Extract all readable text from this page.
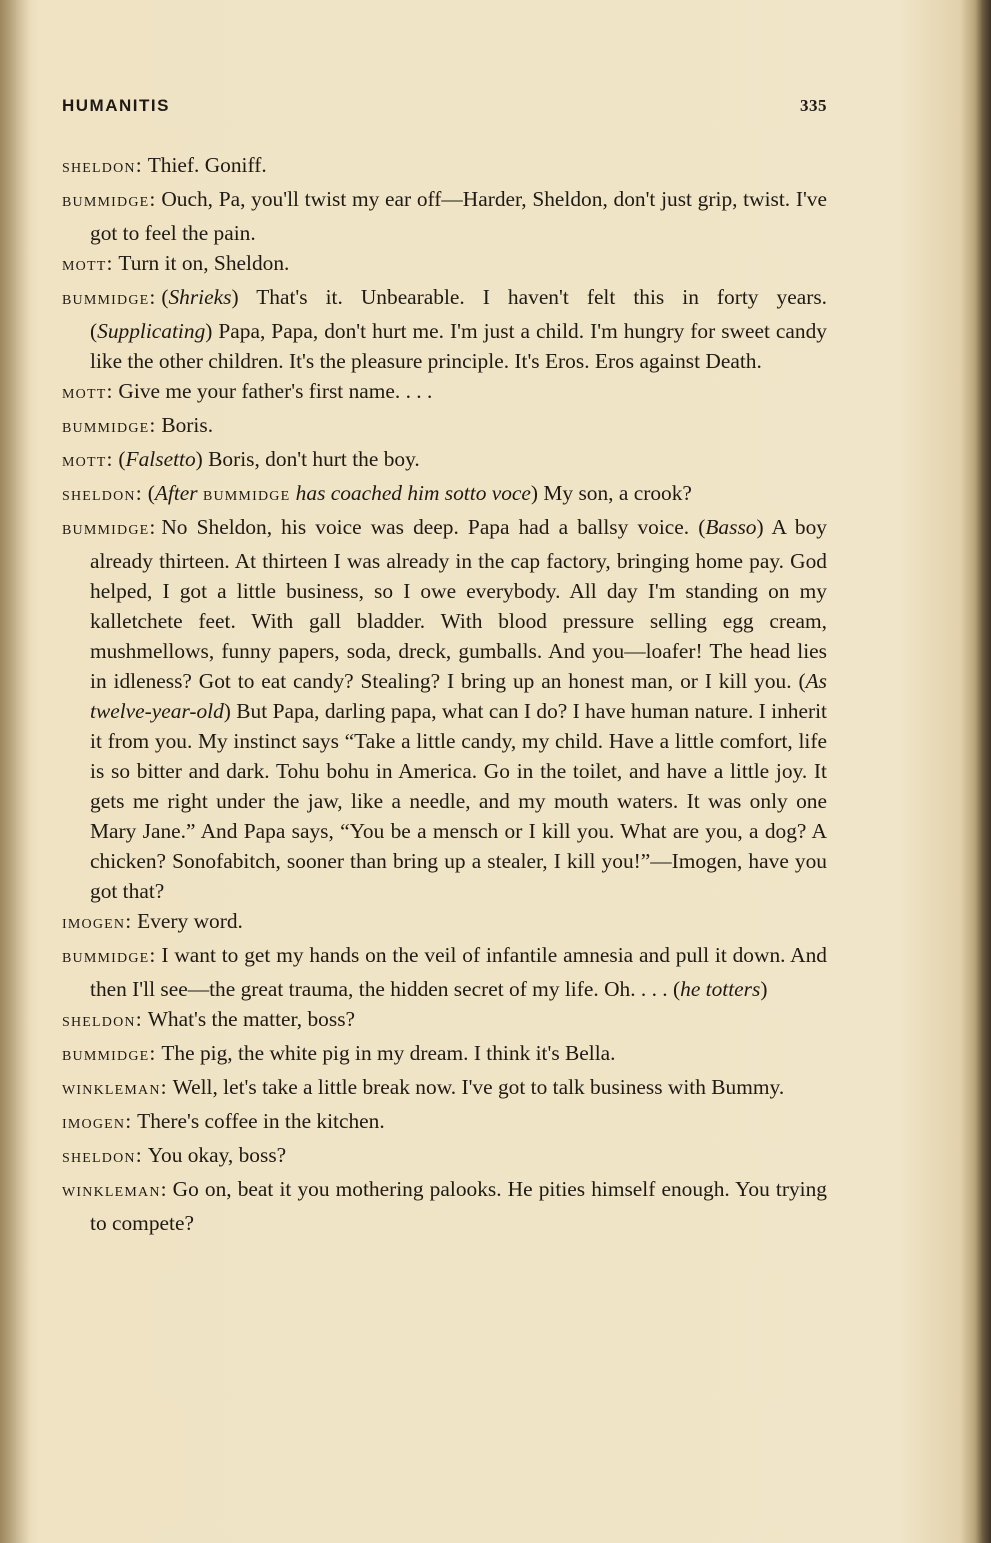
HUMANITIS	335

SHELDON: Thief. Goniff.

BUMMIDGE: Ouch, Pa, you'll twist my ear off—Harder, Sheldon, don't just grip, twist. I've got to feel the pain.

MOTT: Turn it on, Sheldon.

BUMMIDGE: (Shrieks) That's it. Unbearable. I haven't felt this in forty years. (Supplicating) Papa, Papa, don't hurt me. I'm just a child. I'm hungry for sweet candy like the other children. It's the pleasure principle. It's Eros. Eros against Death.

MOTT: Give me your father's first name. . . .

BUMMIDGE: Boris.

MOTT: (Falsetto) Boris, don't hurt the boy.

SHELDON: (After BUMMIDGE has coached him sotto voce) My son, a crook?

BUMMIDGE: No Sheldon, his voice was deep. Papa had a ballsy voice. (Basso) A boy already thirteen. At thirteen I was already in the cap factory, bringing home pay. God helped, I got a little business, so I owe everybody. All day I'm standing on my kalletchete feet. With gall bladder. With blood pressure selling egg cream, mushmellows, funny papers, soda, dreck, gumballs. And you—loafer! The head lies in idleness? Got to eat candy? Stealing? I bring up an honest man, or I kill you. (As twelve-year-old) But Papa, darling papa, what can I do? I have human nature. I inherit it from you. My instinct says “Take a little candy, my child. Have a little comfort, life is so bitter and dark. Tohu bohu in America. Go in the toilet, and have a little joy. It gets me right under the jaw, like a needle, and my mouth waters. It was only one Mary Jane.” And Papa says, “You be a mensch or I kill you. What are you, a dog? A chicken? Sonofabitch, sooner than bring up a stealer, I kill you!”—Imogen, have you got that?

IMOGEN: Every word.

BUMMIDGE: I want to get my hands on the veil of infantile amnesia and pull it down. And then I'll see—the great trauma, the hidden secret of my life. Oh. . . . (he totters)

SHELDON: What's the matter, boss?

BUMMIDGE: The pig, the white pig in my dream. I think it's Bella.

WINKLEMAN: Well, let's take a little break now. I've got to talk business with Bummy.

IMOGEN: There's coffee in the kitchen.

SHELDON: You okay, boss?

WINKLEMAN: Go on, beat it you mothering palooks. He pities himself enough. You trying to compete?
